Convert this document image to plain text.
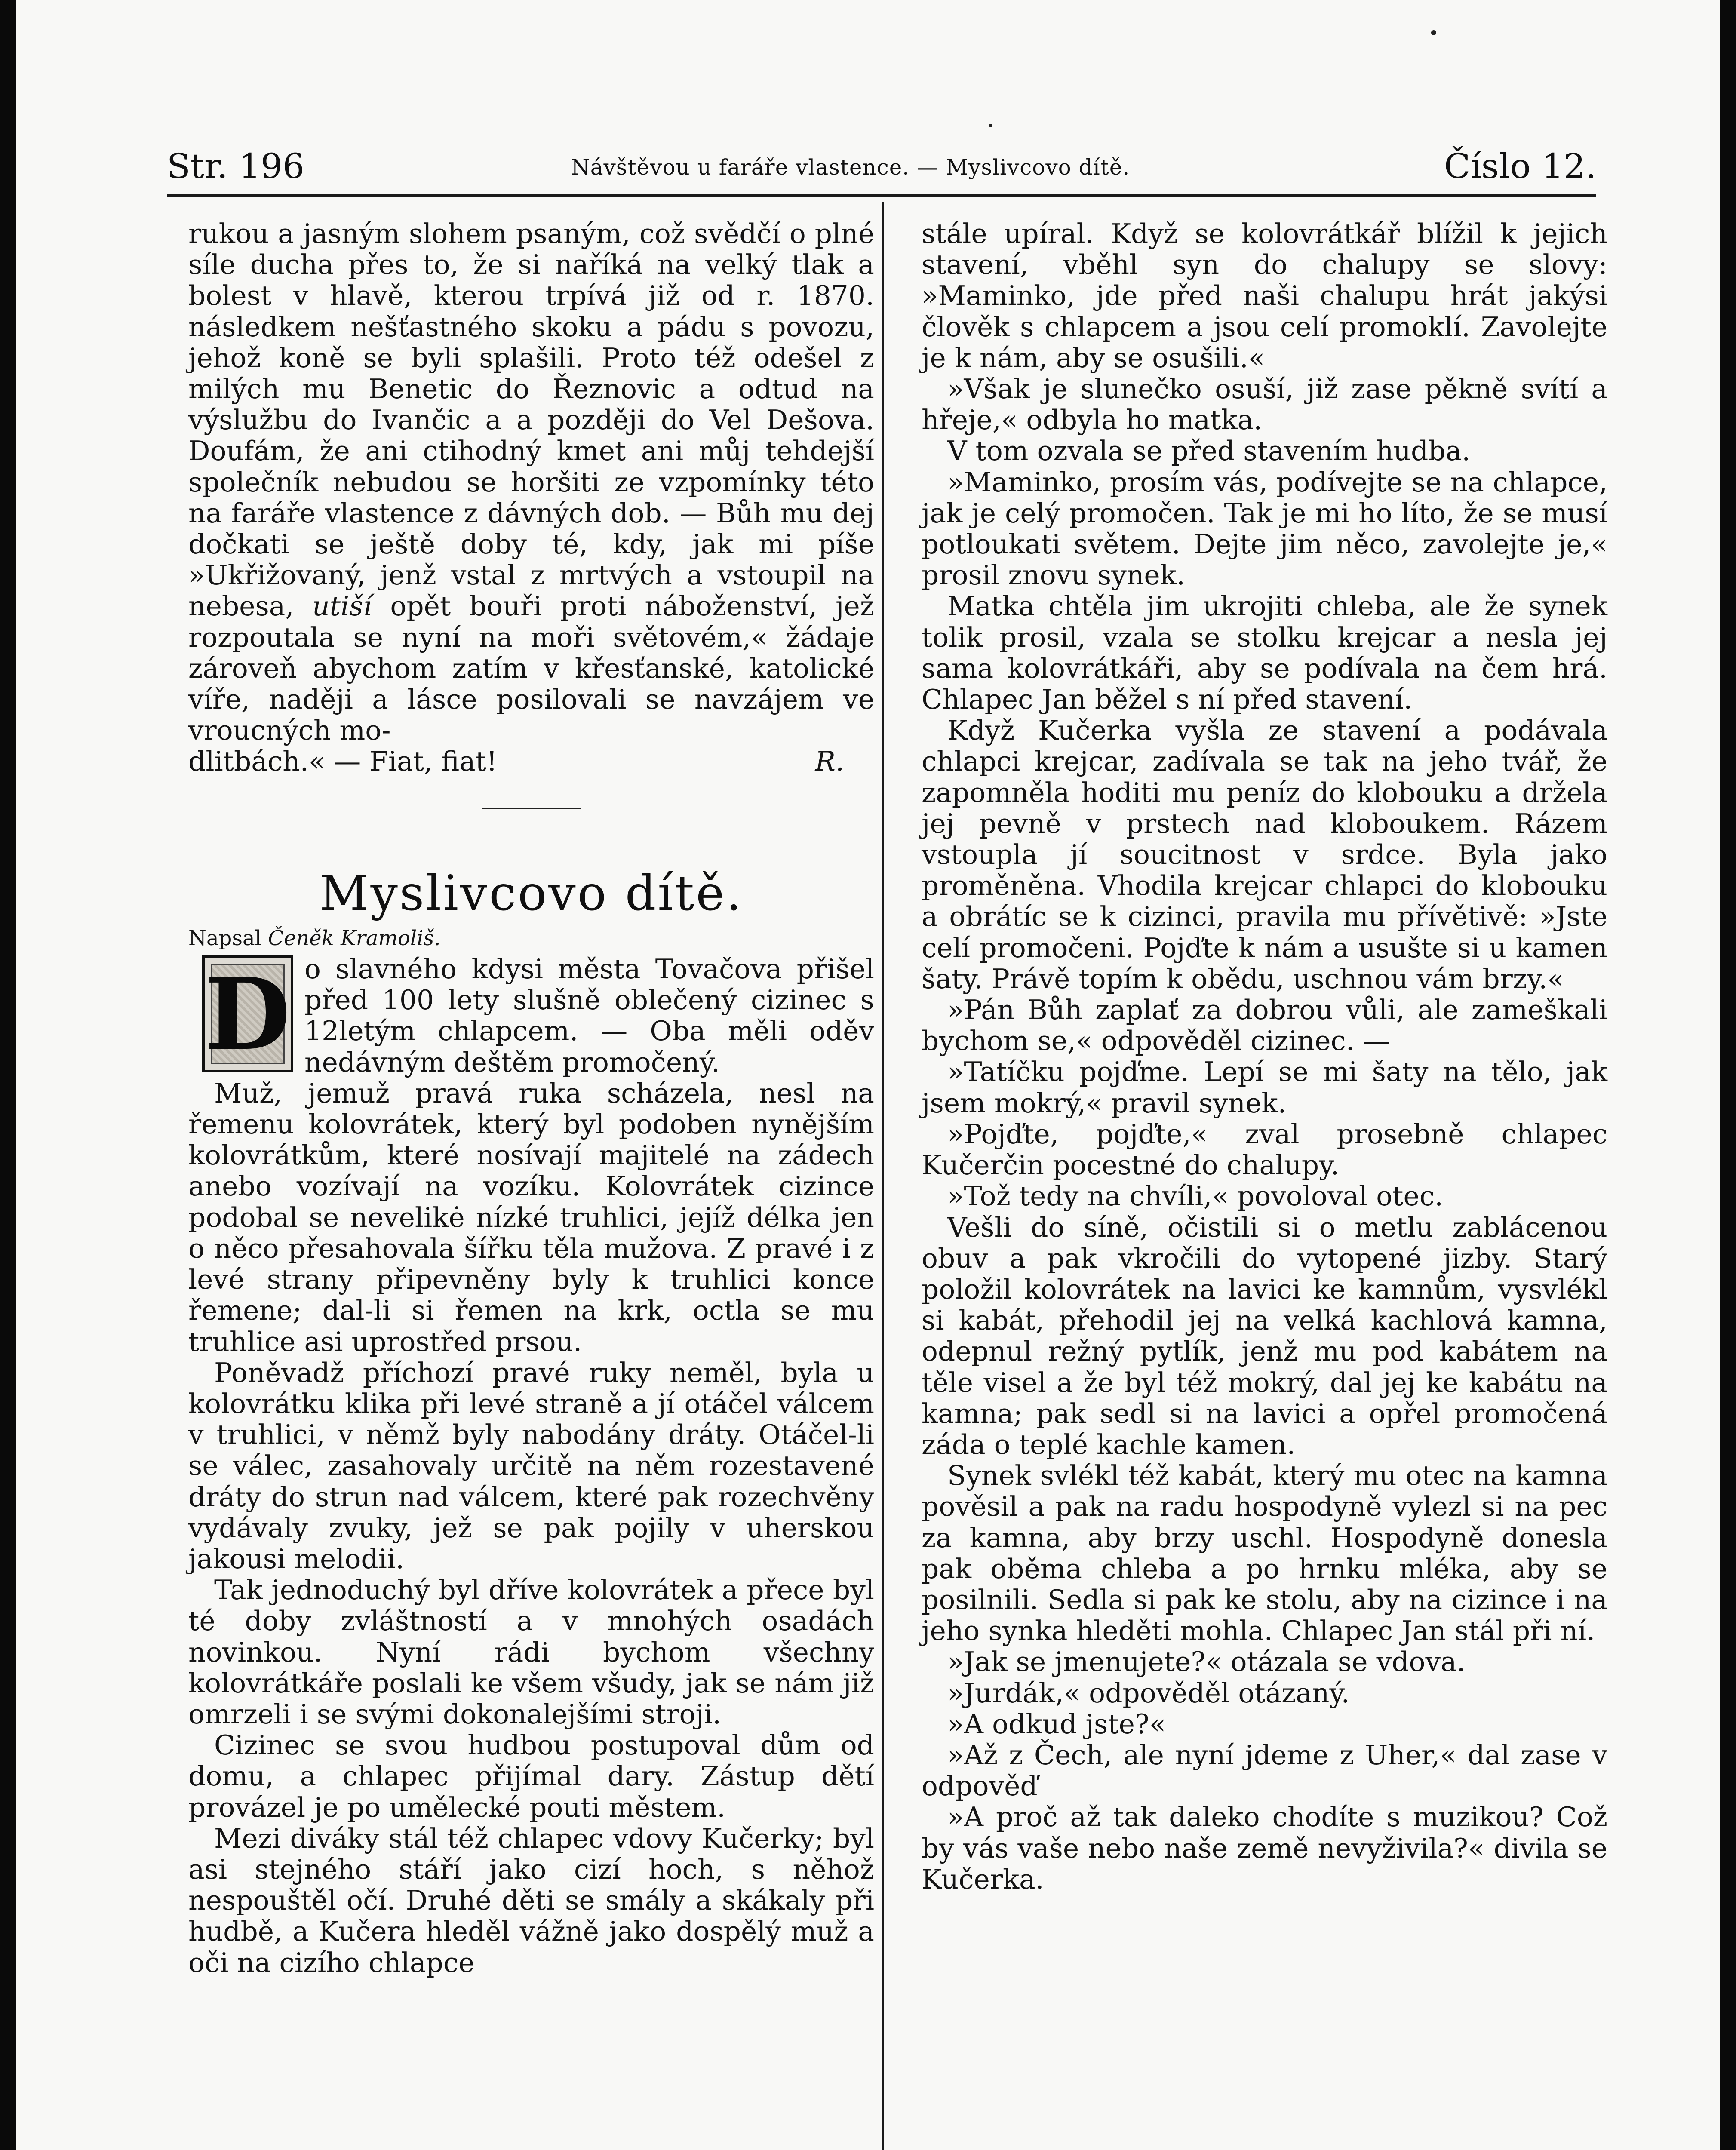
Str. 196	Návštěvou u faráře vlastence. — Myslivcovo dítě.	Číslo 12.

rukou a jasným slohem psaným, což svědčí o plné síle ducha přes to, že si naříká na velký tlak a bolest v hlavě, kterou trpívá již od r. 1870. následkem nešťastného skoku a pádu s povozu, jehož koně se byli splašili. Proto též odešel z milých mu Benetic do Řeznovic a odtud na výslužbu do Ivančic a a později do Vel Dešova. Doufám, že ani ctihodný kmet ani můj tehdejší společník nebudou se horšiti ze vzpomínky této na faráře vlastence z dávných dob. — Bůh mu dej dočkati se ještě doby té, kdy, jak mi píše »Ukřižovaný, jenž vstal z mrtvých a vstoupil na nebesa, utiší opět bouři proti náboženství, jež rozpoutala se nyní na moři světovém,« žádaje zároveň abychom zatím v křesťanské, katolické víře, naději a lásce posilovali se navzájem ve vroucných mo-

dlitbách.« — Fiat, fiat!	R.

Myslivcovo dítě.

Napsal Čeněk Kramoliš.

D o slavného kdysi města Tovačova přišel před 100 lety slušně oblečený cizinec s 12letým chlapcem. — Oba měli oděv nedávným deštěm promočený.

Muž, jemuž pravá ruka scházela, nesl na řemenu kolovrátek, který byl podoben nynějším kolovrátkům, které nosívají majitelé na zádech anebo vozívají na vozíku. Kolovrátek cizince podobal se nevelikė nízké truhlici, jejíž délka jen o něco přesahovala šířku těla mužova. Z pravé i z levé strany připevněny byly k truhlici konce řemene; dal-li si řemen na krk, octla se mu truhlice asi uprostřed prsou.

Poněvadž příchozí pravé ruky neměl, byla u kolovrátku klika při levé straně a jí otáčel válcem v truhlici, v němž byly nabodány dráty. Otáčel-li se válec, zasahovaly určitě na něm rozestavené dráty do strun nad válcem, které pak rozechvěny vydávaly zvuky, jež se pak pojily v uherskou jakousi melodii.

Tak jednoduchý byl dříve kolovrátek a přece byl té doby zvláštností a v mnohých osadách novinkou. Nyní rádi bychom všechny kolovrátkáře poslali ke všem všudy, jak se nám již omrzeli i se svými dokonalejšími stroji.

Cizinec se svou hudbou postupoval dům od domu, a chlapec přijímal dary. Zástup dětí provázel je po umělecké pouti městem.

Mezi diváky stál též chlapec vdovy Kučerky; byl asi stejného stáří jako cizí hoch, s něhož nespouštěl očí. Druhé děti se smály a skákaly při hudbě, a Kučera hleděl vážně jako dospělý muž a oči na cizího chlapce

stále upíral. Když se kolovrátkář blížil k jejich stavení, vběhl syn do chalupy se slovy: »Maminko, jde před naši chalupu hrát jakýsi člověk s chlapcem a jsou celí promoklí. Zavolejte je k nám, aby se osušili.«

»Však je slunečko osuší, již zase pěkně svítí a hřeje,« odbyla ho matka.

V tom ozvala se před stavením hudba.

»Maminko, prosím vás, podívejte se na chlapce, jak je celý promočen. Tak je mi ho líto, že se musí potloukati světem. Dejte jim něco, zavolejte je,« prosil znovu synek.

Matka chtěla jim ukrojiti chleba, ale že synek tolik prosil, vzala se stolku krejcar a nesla jej sama kolovrátkáři, aby se podívala na čem hrá. Chlapec Jan běžel s ní před stavení.

Když Kučerka vyšla ze stavení a podávala chlapci krejcar, zadívala se tak na jeho tvář, že zapomněla hoditi mu peníz do klobouku a držela jej pevně v prstech nad kloboukem. Rázem vstoupla jí soucitnost v srdce. Byla jako proměněna. Vhodila krejcar chlapci do klobouku a obrátíc se k cizinci, pravila mu přívětivě: »Jste celí promočeni. Pojďte k nám a usušte si u kamen šaty. Právě topím k obědu, uschnou vám brzy.«

»Pán Bůh zaplať za dobrou vůli, ale zameškali bychom se,« odpověděl cizinec. —

»Tatíčku pojďme. Lepí se mi šaty na tělo, jak jsem mokrý,« pravil synek.

»Pojďte, pojďte,« zval prosebně chlapec Kučerčin pocestné do chalupy.

»Tož tedy na chvíli,« povoloval otec.

Vešli do síně, očistili si o metlu zablácenou obuv a pak vkročili do vytopené jizby. Starý položil kolovrátek na lavici ke kamnům, vysvlékl si kabát, přehodil jej na velká kachlová kamna, odepnul režný pytlík, jenž mu pod kabátem na těle visel a že byl též mokrý, dal jej ke kabátu na kamna; pak sedl si na lavici a opřel promočená záda o teplé kachle kamen.

Synek svlékl též kabát, který mu otec na kamna pověsil a pak na radu hospodyně vylezl si na pec za kamna, aby brzy uschl. Hospodyně donesla pak oběma chleba a po hrnku mléka, aby se posilnili. Sedla si pak ke stolu, aby na cizince i na jeho synka hleděti mohla. Chlapec Jan stál při ní.

»Jak se jmenujete?« otázala se vdova.

»Jurdák,« odpověděl otázaný.

»A odkud jste?«

»Až z Čech, ale nyní jdeme z Uher,« dal zase v odpověď

»A proč až tak daleko chodíte s muzikou? Což by vás vaše nebo naše země nevyživila?« divila se Kučerka.
